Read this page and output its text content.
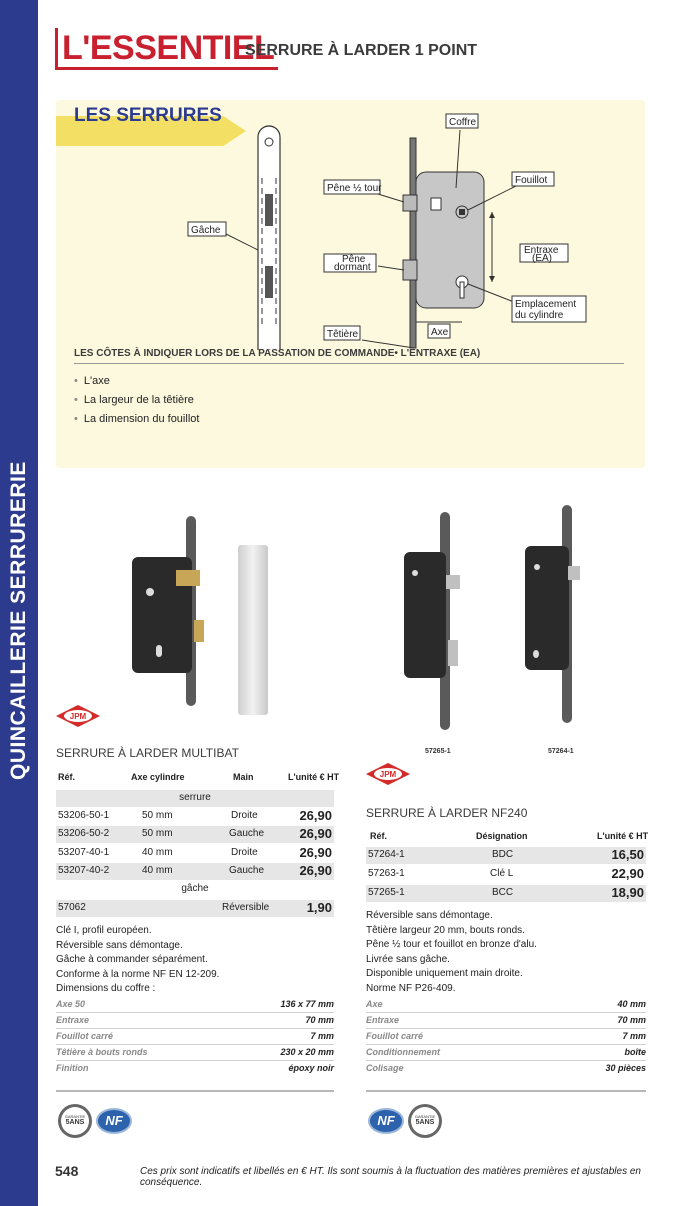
QUINCAILLERIE SERRURERIE
L'ESSENTIEL
SERRURE À LARDER 1 POINT
LES SERRURES	Coffre
Pêne ½ tour
Fouillot
Gâche
Entraxe
(EA)
Pêne
dormant
Emplacement
du cylindre
Axe
Têtière
LES CÔTES À INDIQUER LORS DE LA PASSATION DE COMMANDE• L'ENTRAXE (EA)
• L'axe
• La largeur de la têtière
• La dimension du fouillot
57265-1	57264-1
JPM
JPM
SERRURE À LARDER MULTIBAT
Réf.	Axe cylindre	Main	L'unité € HT
serrure
53206-50-1	50 mm	Droite	26,90
53206-50-2	50 mm	Gauche	26,90
53207-40-1	40 mm	Droite	26,90
53207-40-2	40 mm	Gauche	26,90
gâche
57062	Réversible	1,90
Clé I, profil européen.
Réversible sans démontage.
Gâche à commander séparément.
Conforme à la norme NF EN 12-209.
Dimensions du coffre :
Axe 50	136 x 77 mm
Entraxe	70 mm
Fouillot carré	7 mm
Têtière à bouts ronds	230 x 20 mm
Finition	époxy noir
SERRURE À LARDER NF240
Réf.	Désignation	L'unité € HT
57264-1	BDC	16,50
57263-1	Clé L	22,90
57265-1	BCC	18,90
Réversible sans démontage.
Têtière largeur 20 mm, bouts ronds.
Pêne ½ tour et fouillot en bronze d'alu.
Livrée sans gâche.
Disponible uniquement main droite.
Norme NF P26-409.
Axe	40 mm
Entraxe	70 mm
Fouillot carré	7 mm
Conditionnement	boîte
Colisage	30 pièces
GARANTIE
5ANS	NF	NF	GARANTIE
5ANS
548	Ces prix sont indicatifs et libellés en € HT. Ils sont soumis à la fluctuation des matières premières et ajustables en conséquence.
